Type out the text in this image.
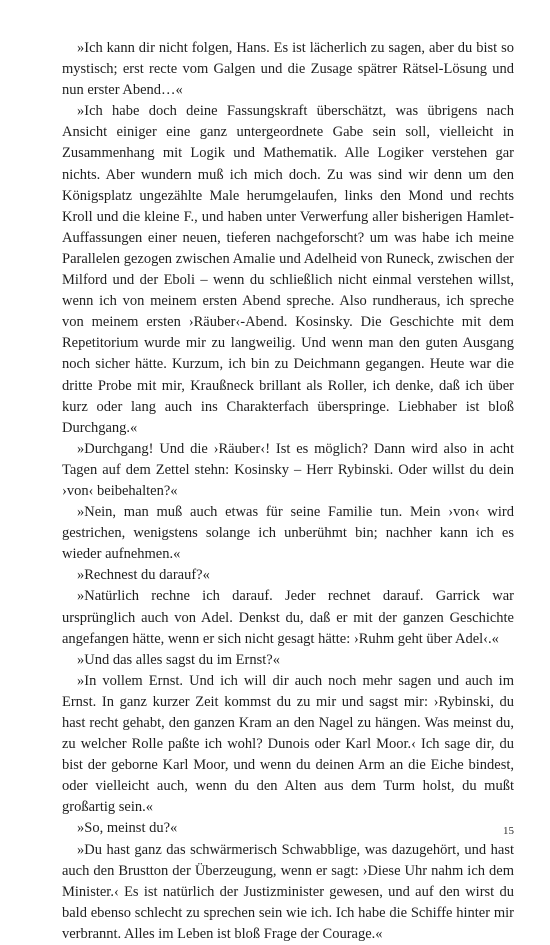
»Ich kann dir nicht folgen, Hans. Es ist lächerlich zu sagen, aber du bist so mystisch; erst recte vom Galgen und die Zusage spätrer Rätsel-Lösung und nun erster Abend…«

»Ich habe doch deine Fassungskraft überschätzt, was übrigens nach Ansicht einiger eine ganz untergeordnete Gabe sein soll, vielleicht in Zusammenhang mit Logik und Mathematik. Alle Logiker verstehen gar nichts. Aber wundern muß ich mich doch. Zu was sind wir denn um den Königsplatz ungezählte Male herumgelaufen, links den Mond und rechts Kroll und die kleine F., und haben unter Verwerfung aller bisherigen Hamlet-Auffassungen einer neuen, tieferen nachgeforscht? um was habe ich meine Parallelen gezogen zwischen Amalie und Adelheid von Runeck, zwischen der Milford und der Eboli – wenn du schließlich nicht einmal verstehen willst, wenn ich von meinem ersten Abend spreche. Also rundheraus, ich spreche von meinem ersten ›Räuber‹-Abend. Kosinsky. Die Geschichte mit dem Repetitorium wurde mir zu langweilig. Und wenn man den guten Ausgang noch sicher hätte. Kurzum, ich bin zu Deichmann gegangen. Heute war die dritte Probe mit mir, Kraußneck brillant als Roller, ich denke, daß ich über kurz oder lang auch ins Charakterfach überspringe. Liebhaber ist bloß Durchgang.«

»Durchgang! Und die ›Räuber‹! Ist es möglich? Dann wird also in acht Tagen auf dem Zettel stehn: Kosinsky – Herr Rybinski. Oder willst du dein ›von‹ beibehalten?«

»Nein, man muß auch etwas für seine Familie tun. Mein ›von‹ wird gestrichen, wenigstens solange ich unberühmt bin; nachher kann ich es wieder aufnehmen.«

»Rechnest du darauf?«

»Natürlich rechne ich darauf. Jeder rechnet darauf. Garrick war ursprünglich auch von Adel. Denkst du, daß er mit der ganzen Geschichte angefangen hätte, wenn er sich nicht gesagt hätte: ›Ruhm geht über Adel‹.«

»Und das alles sagst du im Ernst?«

»In vollem Ernst. Und ich will dir auch noch mehr sagen und auch im Ernst. In ganz kurzer Zeit kommst du zu mir und sagst mir: ›Rybinski, du hast recht gehabt, den ganzen Kram an den Nagel zu hängen. Was meinst du, zu welcher Rolle paßte ich wohl? Dunois oder Karl Moor.‹ Ich sage dir, du bist der geborne Karl Moor, und wenn du deinen Arm an die Eiche bindest, oder vielleicht auch, wenn du den Alten aus dem Turm holst, du mußt großartig sein.«

»So, meinst du?«

»Du hast ganz das schwärmerisch Schwabblige, was dazugehört, und hast auch den Brustton der Überzeugung, wenn er sagt: ›Diese Uhr nahm ich dem Minister.‹ Es ist natürlich der Justizminister gewesen, und auf den wirst du bald ebenso schlecht zu sprechen sein wie ich. Ich habe die Schiffe hinter mir verbrannt. Alles im Leben ist bloß Frage der Courage.«

15
